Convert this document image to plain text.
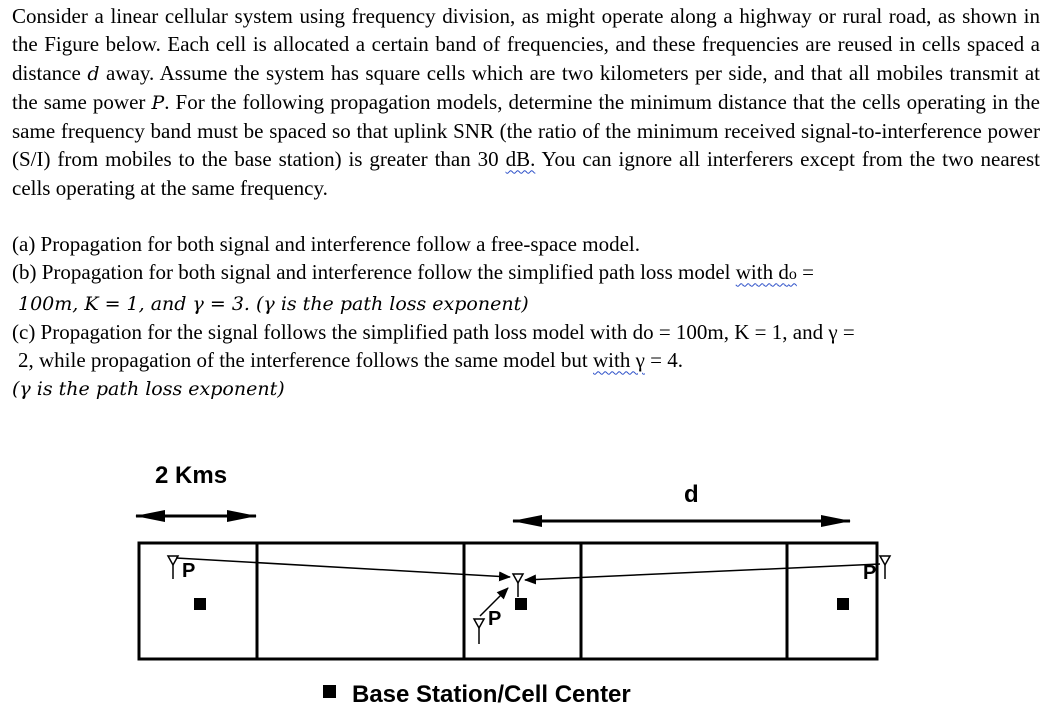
Consider a linear cellular system using frequency division, as might operate along a highway or rural road, as shown in the Figure below. Each cell is allocated a certain band of frequencies, and these frequencies are reused in cells spaced a distance d away. Assume the system has square cells which are two kilometers per side, and that all mobiles transmit at the same power P. For the following propagation models, determine the minimum distance that the cells operating in the same frequency band must be spaced so that uplink SNR (the ratio of the minimum received signal-to-interference power (S/I) from mobiles to the base station) is greater than 30 dB. You can ignore all interferers except from the two nearest cells operating at the same frequency.

(a) Propagation for both signal and interference follow a free-space model.

(b) Propagation for both signal and interference follow the simplified path loss model with do =

100m, K = 1, and γ = 3. (γ is the path loss exponent)

(c) Propagation for the signal follows the simplified path loss model with do = 100m, K = 1, and γ =

2, while propagation of the interference follows the same model but with γ = 4.

(γ is the path loss exponent)

2 Kms
d
P
P
P
Base Station/Cell Center
